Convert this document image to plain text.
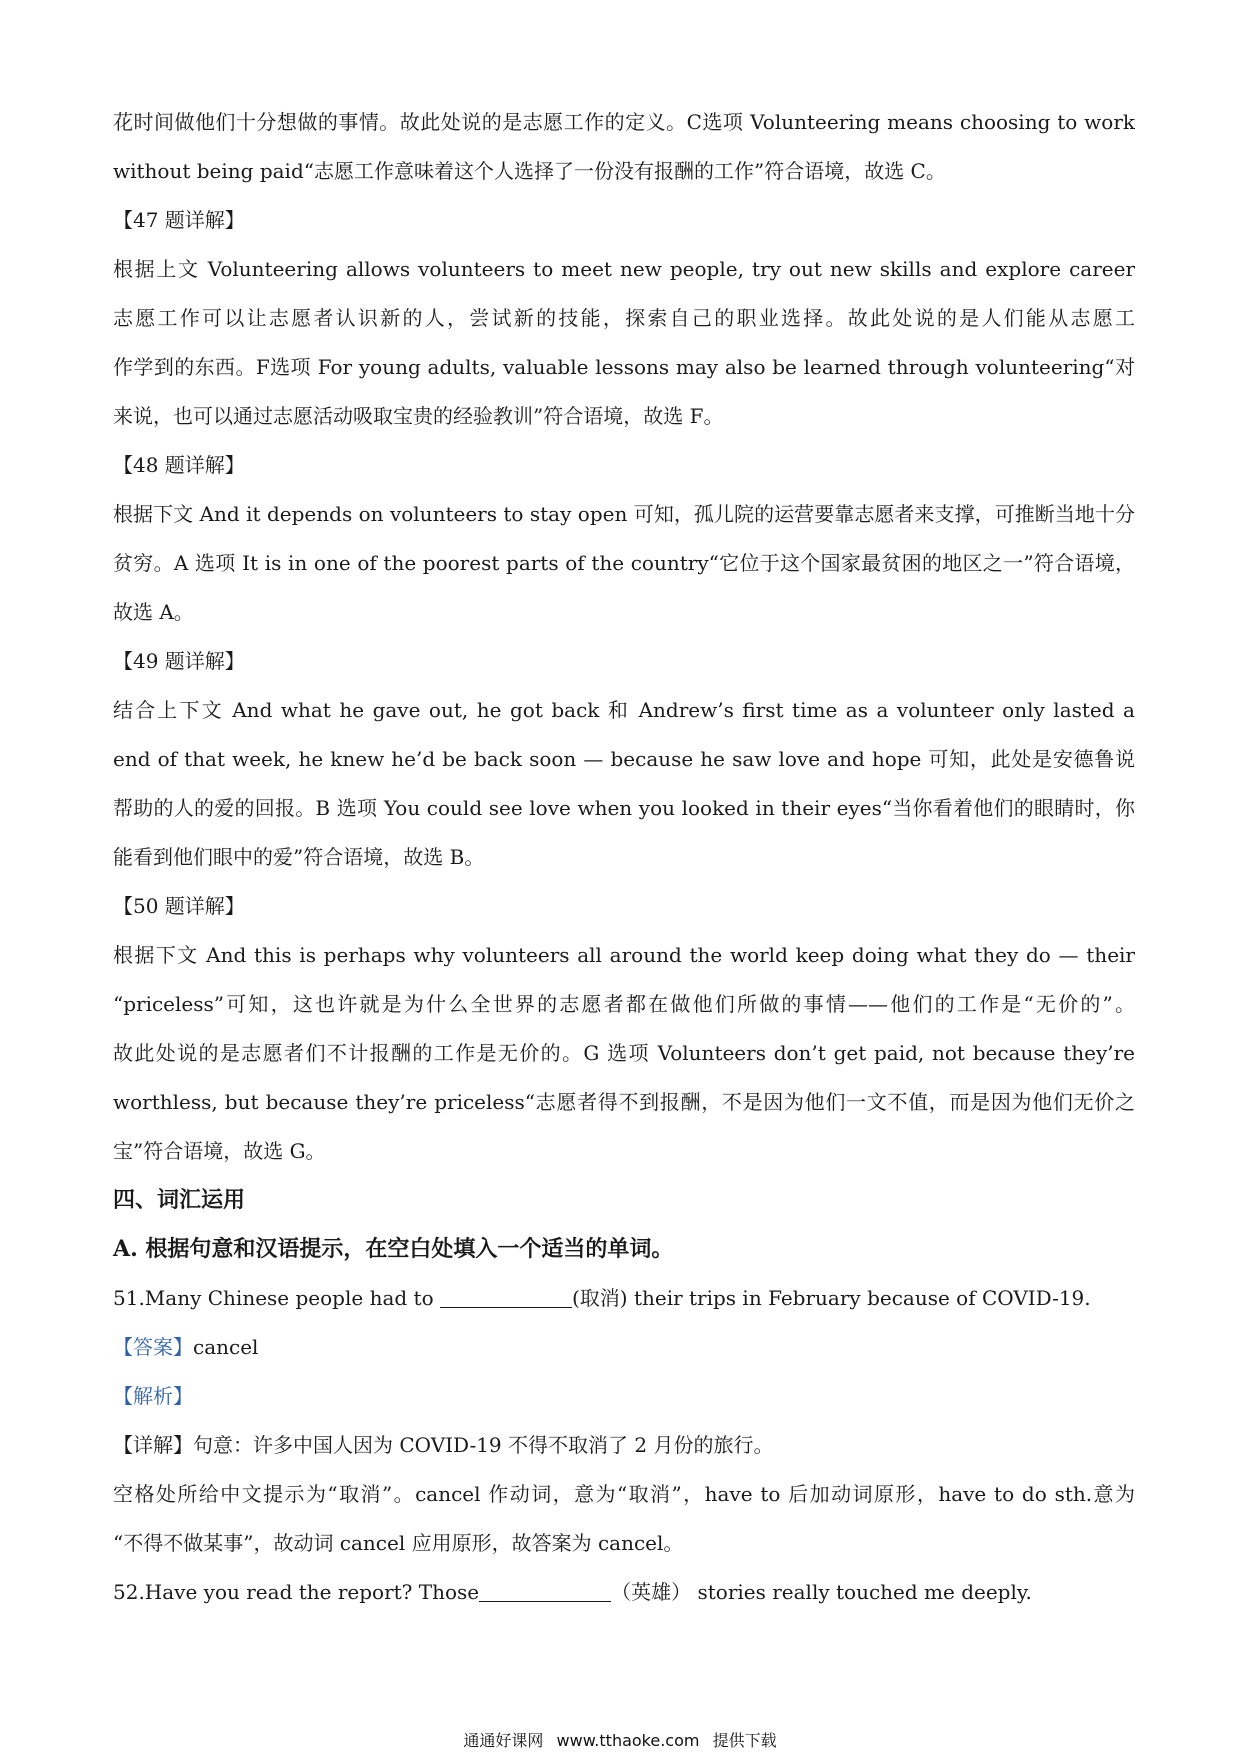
花时间做他们十分想做的事情。故此处说的是志愿工作的定义。C选项 Volunteering means choosing to work
without being paid“志愿工作意味着这个人选择了一份没有报酬的工作”符合语境，故选 C。
【47 题详解】
根据上文 Volunteering allows volunteers to meet new people, try out new skills and explore career
志愿工作可以让志愿者认识新的人，尝试新的技能，探索自己的职业选择。故此处说的是人们能从志愿工
作学到的东西。F选项 For young adults, valuable lessons may also be learned through volunteering“对
来说，也可以通过志愿活动吸取宝贵的经验教训”符合语境，故选 F。
【48 题详解】
根据下文 And it depends on volunteers to stay open 可知，孤儿院的运营要靠志愿者来支撑，可推断当地十分
贫穷。A 选项 It is in one of the poorest parts of the country“它位于这个国家最贫困的地区之一”符合语境，
故选 A。
【49 题详解】
结合上下文 And what he gave out, he got back 和 Andrew’s first time as a volunteer only lasted a
end of that week, he knew he’d be back soon — because he saw love and hope 可知，此处是安德鲁说
帮助的人的爱的回报。B 选项 You could see love when you looked in their eyes“当你看着他们的眼睛时，你
能看到他们眼中的爱”符合语境，故选 B。
【50 题详解】
根据下文 And this is perhaps why volunteers all around the world keep doing what they do — their
“priceless”可知，这也许就是为什么全世界的志愿者都在做他们所做的事情——他们的工作是“无价的”。
故此处说的是志愿者们不计报酬的工作是无价的。G 选项 Volunteers don’t get paid, not because they’re
worthless, but because they’re priceless“志愿者得不到报酬，不是因为他们一文不值，而是因为他们无价之
宝”符合语境，故选 G。
四、词汇运用
A. 根据句意和汉语提示，在空白处填入一个适当的单词。
51.Many Chinese people had to	(取消) their trips in February because of COVID-19.
【答案】cancel
【解析】
【详解】句意：许多中国人因为 COVID-19 不得不取消了 2 月份的旅行。
空格处所给中文提示为“取消”。cancel 作动词，意为“取消”，have to 后加动词原形，have to do sth.意为
“不得不做某事”，故动词 cancel 应用原形，故答案为 cancel。
52.Have you read the report? Those	（英雄） stories really touched me deeply.
通通好课网 www.tthaoke.com 提供下载
